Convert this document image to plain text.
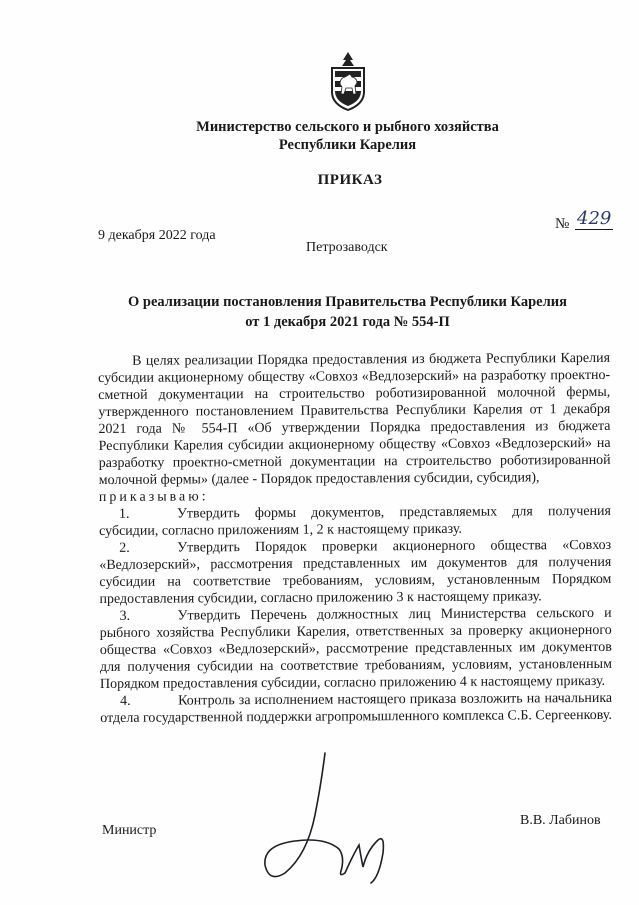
Министерство сельского и рыбного хозяйства
Республики Карелия
ПРИКАЗ
9 декабря 2022 года
Петрозаводск
№ 429
О реализации постановления Правительства Республики Карелия
от 1 декабря 2021 года № 554-П

В целях реализации Порядка предоставления из бюджета Республики Карелия субсидии акционерному обществу «Совхоз «Ведлозерский» на разработку проектно-сметной документации на строительство роботизированной молочной фермы, утвержденного постановлением Правительства Республики Карелия от 1 декабря 2021 года № 554-П «Об утверждении Порядка предоставления из бюджета Республики Карелия субсидии акционерному обществу «Совхоз «Ведлозерский» на разработку проектно-сметной документации на строительство роботизированной молочной фермы» (далее - Порядок предоставления субсидии, субсидия),

приказываю:

1.	Утвердить формы документов, представляемых для получения субсидии, согласно приложениям 1, 2 к настоящему приказу.

2.	Утвердить Порядок проверки акционерного общества «Совхоз «Ведлозерский», рассмотрения представленных им документов для получения субсидии на соответствие требованиям, условиям, установленным Порядком предоставления субсидии, согласно приложению 3 к настоящему приказу.

3.	Утвердить Перечень должностных лиц Министерства сельского и рыбного хозяйства Республики Карелия, ответственных за проверку акционерного общества «Совхоз «Ведлозерский», рассмотрение представленных им документов для получения субсидии на соответствие требованиям, условиям, установленным Порядком предоставления субсидии, согласно приложению 4 к настоящему приказу.

4.	Контроль за исполнением настоящего приказа возложить на начальника отдела государственной поддержки агропромышленного комплекса С.Б. Сергеенкову.

Министр
В.В. Лабинов
